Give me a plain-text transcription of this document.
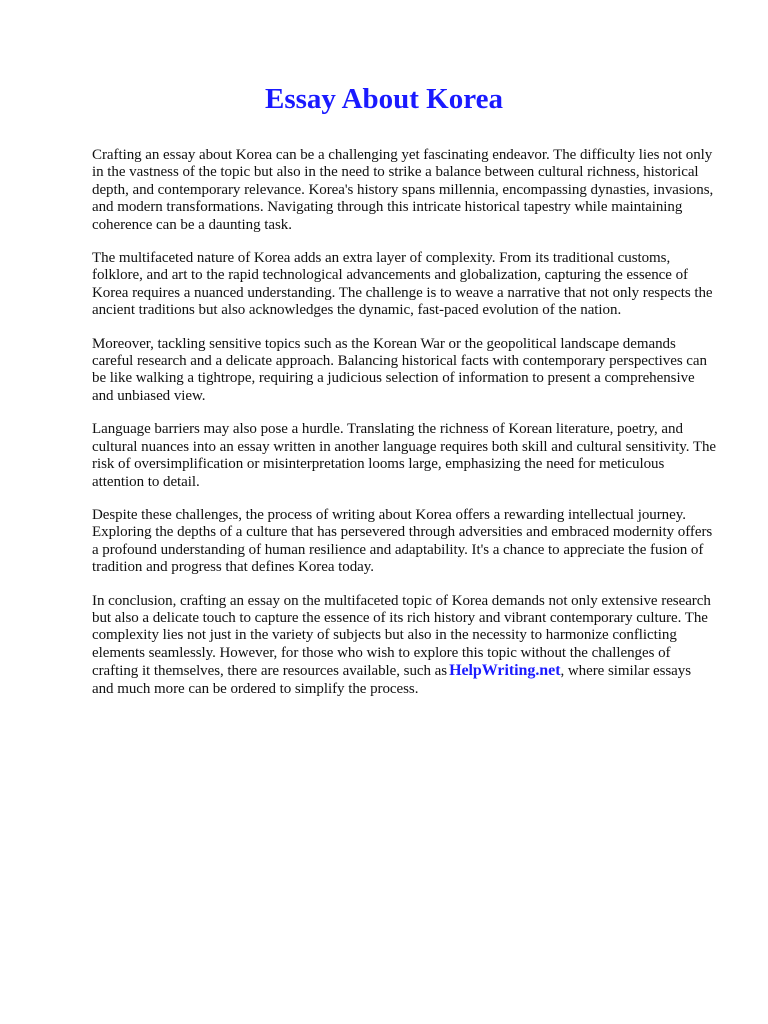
Essay About Korea

Crafting an essay about Korea can be a challenging yet fascinating endeavor. The difficulty lies not only in the vastness of the topic but also in the need to strike a balance between cultural richness, historical depth, and contemporary relevance. Korea's history spans millennia, encompassing dynasties, invasions, and modern transformations. Navigating through this intricate historical tapestry while maintaining coherence can be a daunting task.

The multifaceted nature of Korea adds an extra layer of complexity. From its traditional customs, folklore, and art to the rapid technological advancements and globalization, capturing the essence of Korea requires a nuanced understanding. The challenge is to weave a narrative that not only respects the ancient traditions but also acknowledges the dynamic, fast-paced evolution of the nation.

Moreover, tackling sensitive topics such as the Korean War or the geopolitical landscape demands careful research and a delicate approach. Balancing historical facts with contemporary perspectives can be like walking a tightrope, requiring a judicious selection of information to present a comprehensive and unbiased view.

Language barriers may also pose a hurdle. Translating the richness of Korean literature, poetry, and cultural nuances into an essay written in another language requires both skill and cultural sensitivity. The risk of oversimplification or misinterpretation looms large, emphasizing the need for meticulous attention to detail.

Despite these challenges, the process of writing about Korea offers a rewarding intellectual journey. Exploring the depths of a culture that has persevered through adversities and embraced modernity offers a profound understanding of human resilience and adaptability. It's a chance to appreciate the fusion of tradition and progress that defines Korea today.

In conclusion, crafting an essay on the multifaceted topic of Korea demands not only extensive research but also a delicate touch to capture the essence of its rich history and vibrant contemporary culture. The complexity lies not just in the variety of subjects but also in the necessity to harmonize conflicting elements seamlessly. However, for those who wish to explore this topic without the challenges of crafting it themselves, there are resources available, such as HelpWriting.net, where similar essays and much more can be ordered to simplify the process.
